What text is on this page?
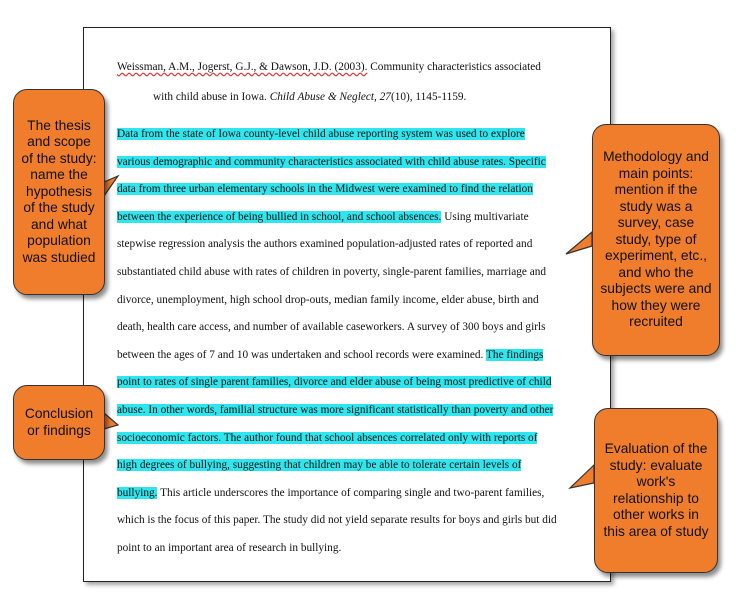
Weissman, A.M., Jogerst, G.J., & Dawson, J.D. (2003). Community characteristics associated
with child abuse in Iowa. Child Abuse & Neglect, 27(10), 1145-1159.
Data from the state of Iowa county-level child abuse reporting system was used to explore
various demographic and community characteristics associated with child abuse rates. Specific
data from three urban elementary schools in the Midwest were examined to find the relation
between the experience of being bullied in school, and school absences. Using multivariate
stepwise regression analysis the authors examined population-adjusted rates of reported and
substantiated child abuse with rates of children in poverty, single-parent families, marriage and
divorce, unemployment, high school drop-outs, median family income, elder abuse, birth and
death, health care access, and number of available caseworkers. A survey of 300 boys and girls
between the ages of 7 and 10 was undertaken and school records were examined. The findings
point to rates of single parent families, divorce and elder abuse of being most predictive of child
abuse. In other words, familial structure was more significant statistically than poverty and other
socioeconomic factors. The author found that school absences correlated only with reports of
high degrees of bullying, suggesting that children may be able to tolerate certain levels of
bullying. This article underscores the importance of comparing single and two-parent families,
which is the focus of this paper. The study did not yield separate results for boys and girls but did
point to an important area of research in bullying.
The thesis and scope of the study: name the hypothesis of the study and what population was studied
Methodology and main points: mention if the study was a survey, case study, type of experiment, etc., and who the subjects were and how they were recruited
Conclusion or findings
Evaluation of the study: evaluate work's relationship to other works in this area of study
